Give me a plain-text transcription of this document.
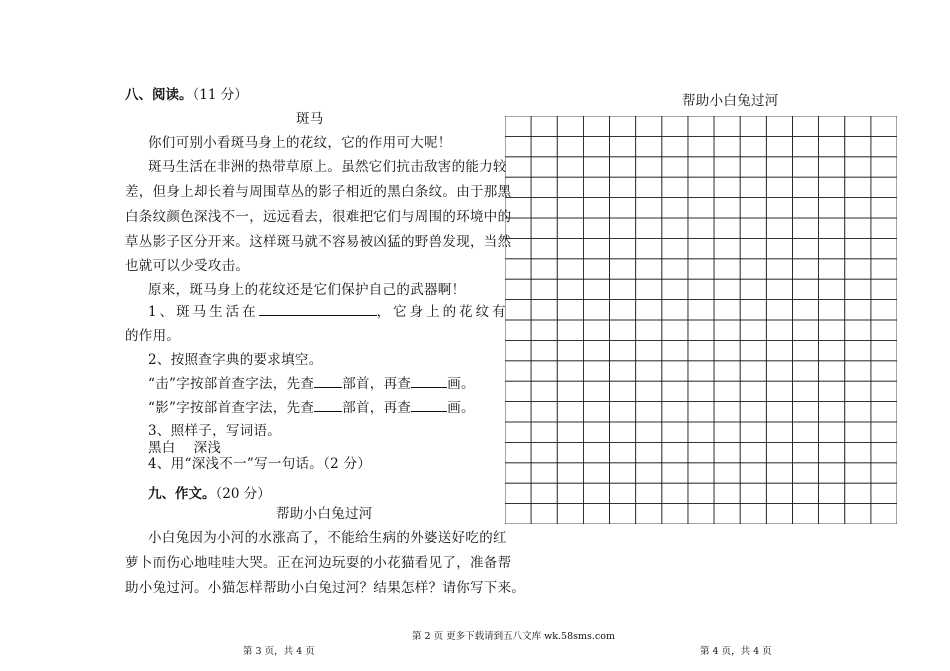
八、阅读。（11 分）
斑马
你们可别小看斑马身上的花纹，它的作用可大呢！
斑马生活在非洲的热带草原上。虽然它们抗击敌害的能力较
差，但身上却长着与周围草丛的影子相近的黑白条纹。由于那黑
白条纹颜色深浅不一，远远看去，很难把它们与周围的环境中的
草丛影子区分开来。这样斑马就不容易被凶猛的野兽发现，当然
也就可以少受攻击。
原来，斑马身上的花纹还是它们保护自己的武器啊！
1、斑马生活在	，它身上的花纹有
的作用。
2、按照查字典的要求填空。
“击”字按部首查字法，先查 部首，再查	画。
“影”字按部首查字法，先查 部首，再查	画。
3、照样子，写词语。
黑白 深浅
4、用“深浅不一”写一句话。（2 分）
九、作文。（20 分）
帮助小白兔过河
小白兔因为小河的水涨高了，不能给生病的外婆送好吃的红
萝卜而伤心地哇哇大哭。正在河边玩耍的小花猫看见了，准备帮
助小兔过河。小猫怎样帮助小白兔过河？结果怎样？请你写下来。
帮助小白兔过河
第 3 页，共 4 页
第 2 页 更多下载请到五八文库 wk.58sms.com
第 4 页，共 4 页
